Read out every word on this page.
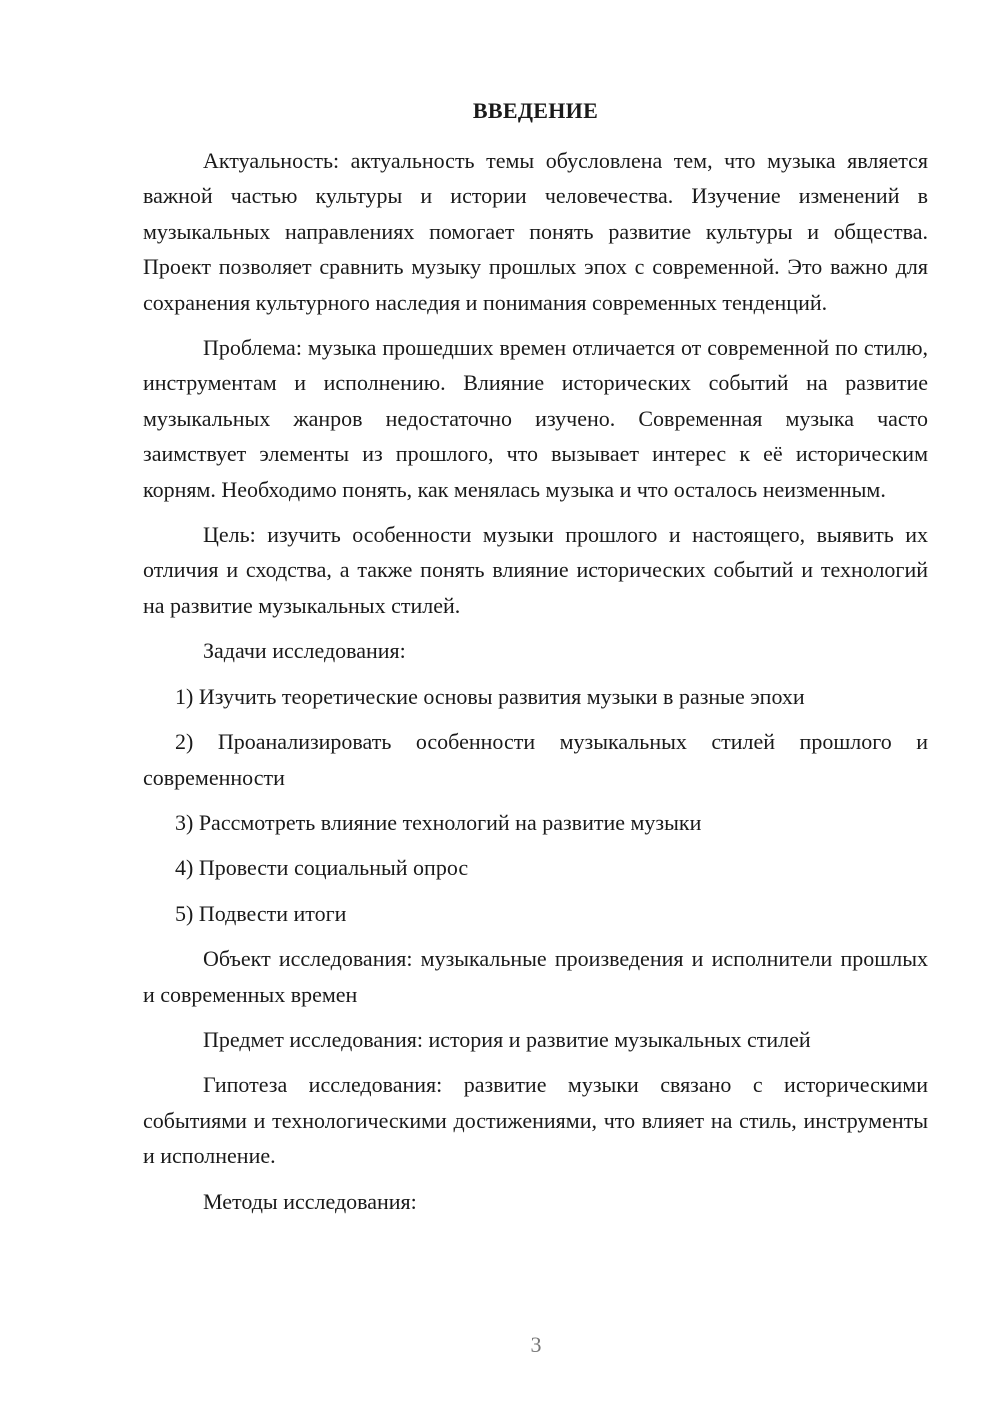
ВВЕДЕНИЕ

Актуальность: актуальность темы обусловлена тем, что музыка является важной частью культуры и истории человечества. Изучение изменений в музыкальных направлениях помогает понять развитие культуры и общества. Проект позволяет сравнить музыку прошлых эпох с современной. Это важно для сохранения культурного наследия и понимания современных тенденций.

Проблема: музыка прошедших времен отличается от современной по стилю, инструментам и исполнению. Влияние исторических событий на развитие музыкальных жанров недостаточно изучено. Современная музыка часто заимствует элементы из прошлого, что вызывает интерес к её историческим корням. Необходимо понять, как менялась музыка и что осталось неизменным.

Цель: изучить особенности музыки прошлого и настоящего, выявить их отличия и сходства, а также понять влияние исторических событий и технологий на развитие музыкальных стилей.

Задачи исследования:

1) Изучить теоретические основы развития музыки в разные эпохи

2) Проанализировать особенности музыкальных стилей прошлого и современности

3) Рассмотреть влияние технологий на развитие музыки

4) Провести социальный опрос

5) Подвести итоги

Объект исследования: музыкальные произведения и исполнители прошлых и современных времен

Предмет исследования: история и развитие музыкальных стилей

Гипотеза исследования: развитие музыки связано с историческими событиями и технологическими достижениями, что влияет на стиль, инструменты и исполнение.

Методы исследования:

3
